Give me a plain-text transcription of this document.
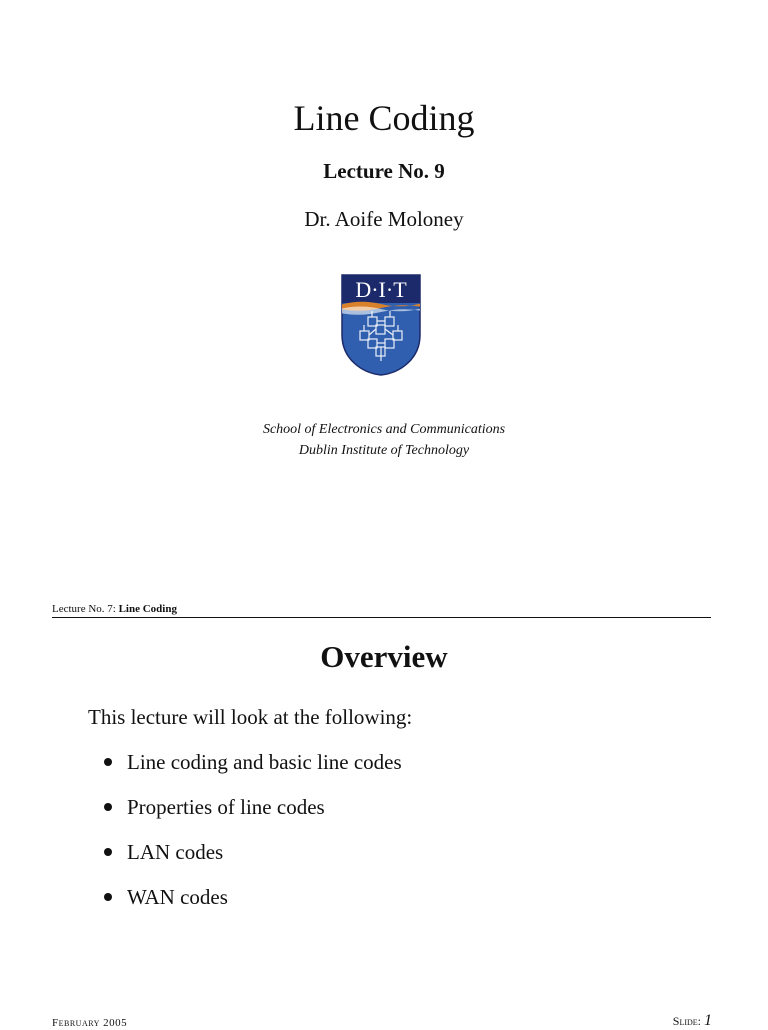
Line Coding
Lecture No. 9
Dr. Aoife Moloney
D·I·T
School of Electronics and Communications
Dublin Institute of Technology
Lecture No. 7: Line Coding
Overview
This lecture will look at the following:
Line coding and basic line codes
Properties of line codes
LAN codes
WAN codes
February 2005	Slide: 1
